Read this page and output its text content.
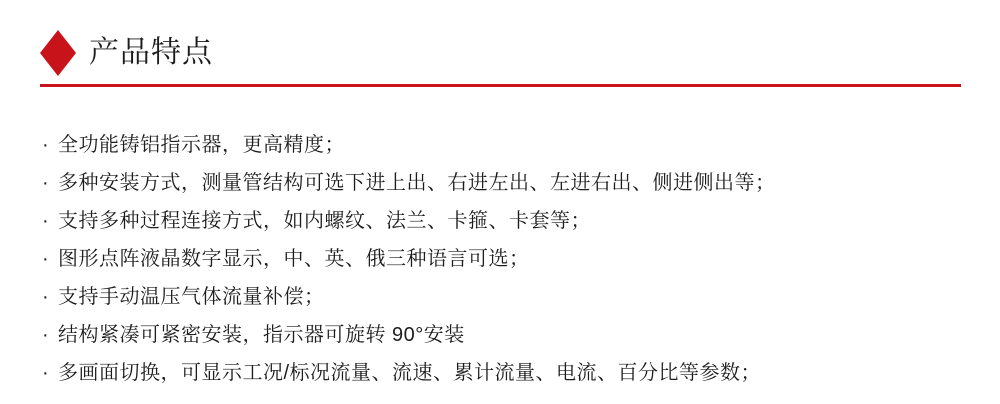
产品特点
· 全功能铸铝指示器，更高精度；
· 多种安装方式，测量管结构可选下进上出、右进左出、左进右出、侧进侧出等；
· 支持多种过程连接方式，如内螺纹、法兰、卡箍、卡套等；
· 图形点阵液晶数字显示，中、英、俄三种语言可选；
· 支持手动温压气体流量补偿；
· 结构紧凑可紧密安装，指示器可旋转 90°安装
· 多画面切换，可显示工况/标况流量、流速、累计流量、电流、百分比等参数；
